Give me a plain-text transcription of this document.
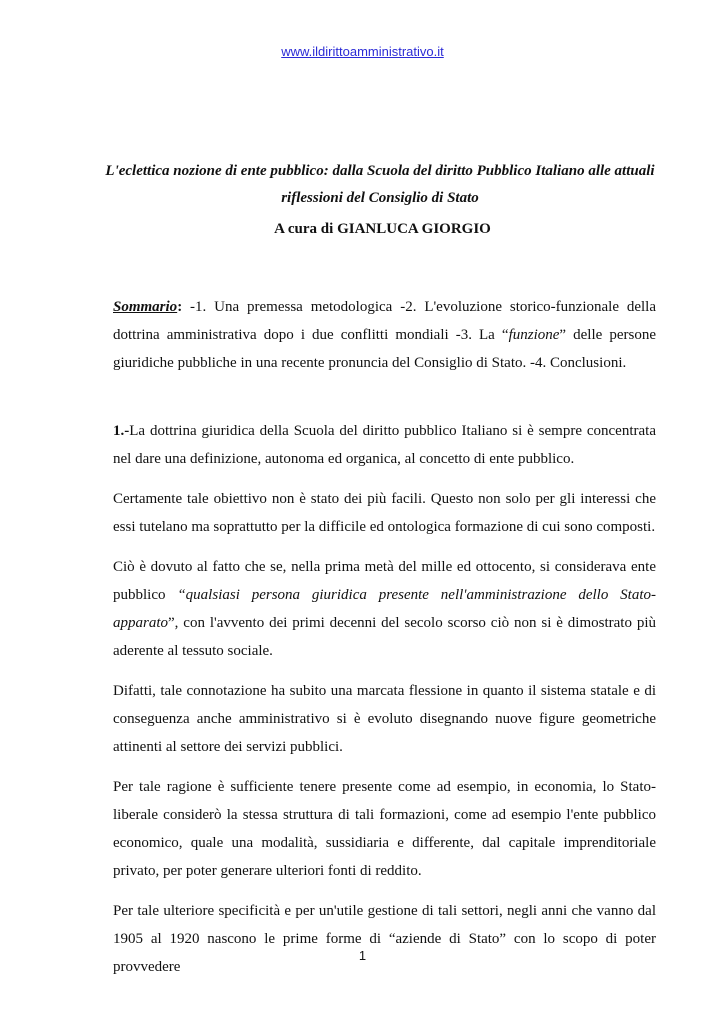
www.ildirittoamministrativo.it
L'eclettica nozione di ente pubblico: dalla Scuola del diritto Pubblico Italiano alle attuali
riflessioni del Consiglio di Stato
A cura di GIANLUCA GIORGIO

Sommario: -1. Una premessa metodologica -2. L'evoluzione storico-funzionale della dottrina amministrativa dopo i due conflitti mondiali -3. La “funzione” delle persone giuridiche pubbliche in una recente pronuncia del Consiglio di Stato. -4. Conclusioni.

1.-La dottrina giuridica della Scuola del diritto pubblico Italiano si è sempre concentrata nel dare una definizione, autonoma ed organica, al concetto di ente pubblico.

Certamente tale obiettivo non è stato dei più facili. Questo non solo per gli interessi che essi tutelano ma soprattutto per la difficile ed ontologica formazione di cui sono composti.

Ciò è dovuto al fatto che se, nella prima metà del mille ed ottocento, si considerava ente pubblico “qualsiasi persona giuridica presente nell'amministrazione dello Stato-apparato”, con l'avvento dei primi decenni del secolo scorso ciò non si è dimostrato più aderente al tessuto sociale.

Difatti, tale connotazione ha subito una marcata flessione in quanto il sistema statale e di conseguenza anche amministrativo si è evoluto disegnando nuove figure geometriche attinenti al settore dei servizi pubblici.

Per tale ragione è sufficiente tenere presente come ad esempio, in economia, lo Stato-liberale considerò la stessa struttura di tali formazioni, come ad esempio l'ente pubblico economico, quale una modalità, sussidiaria e differente, dal capitale imprenditoriale privato, per poter generare ulteriori fonti di reddito.

Per tale ulteriore specificità e per un'utile gestione di tali settori, negli anni che vanno dal 1905 al 1920 nascono le prime forme di “aziende di Stato” con lo scopo di poter provvedere

1
